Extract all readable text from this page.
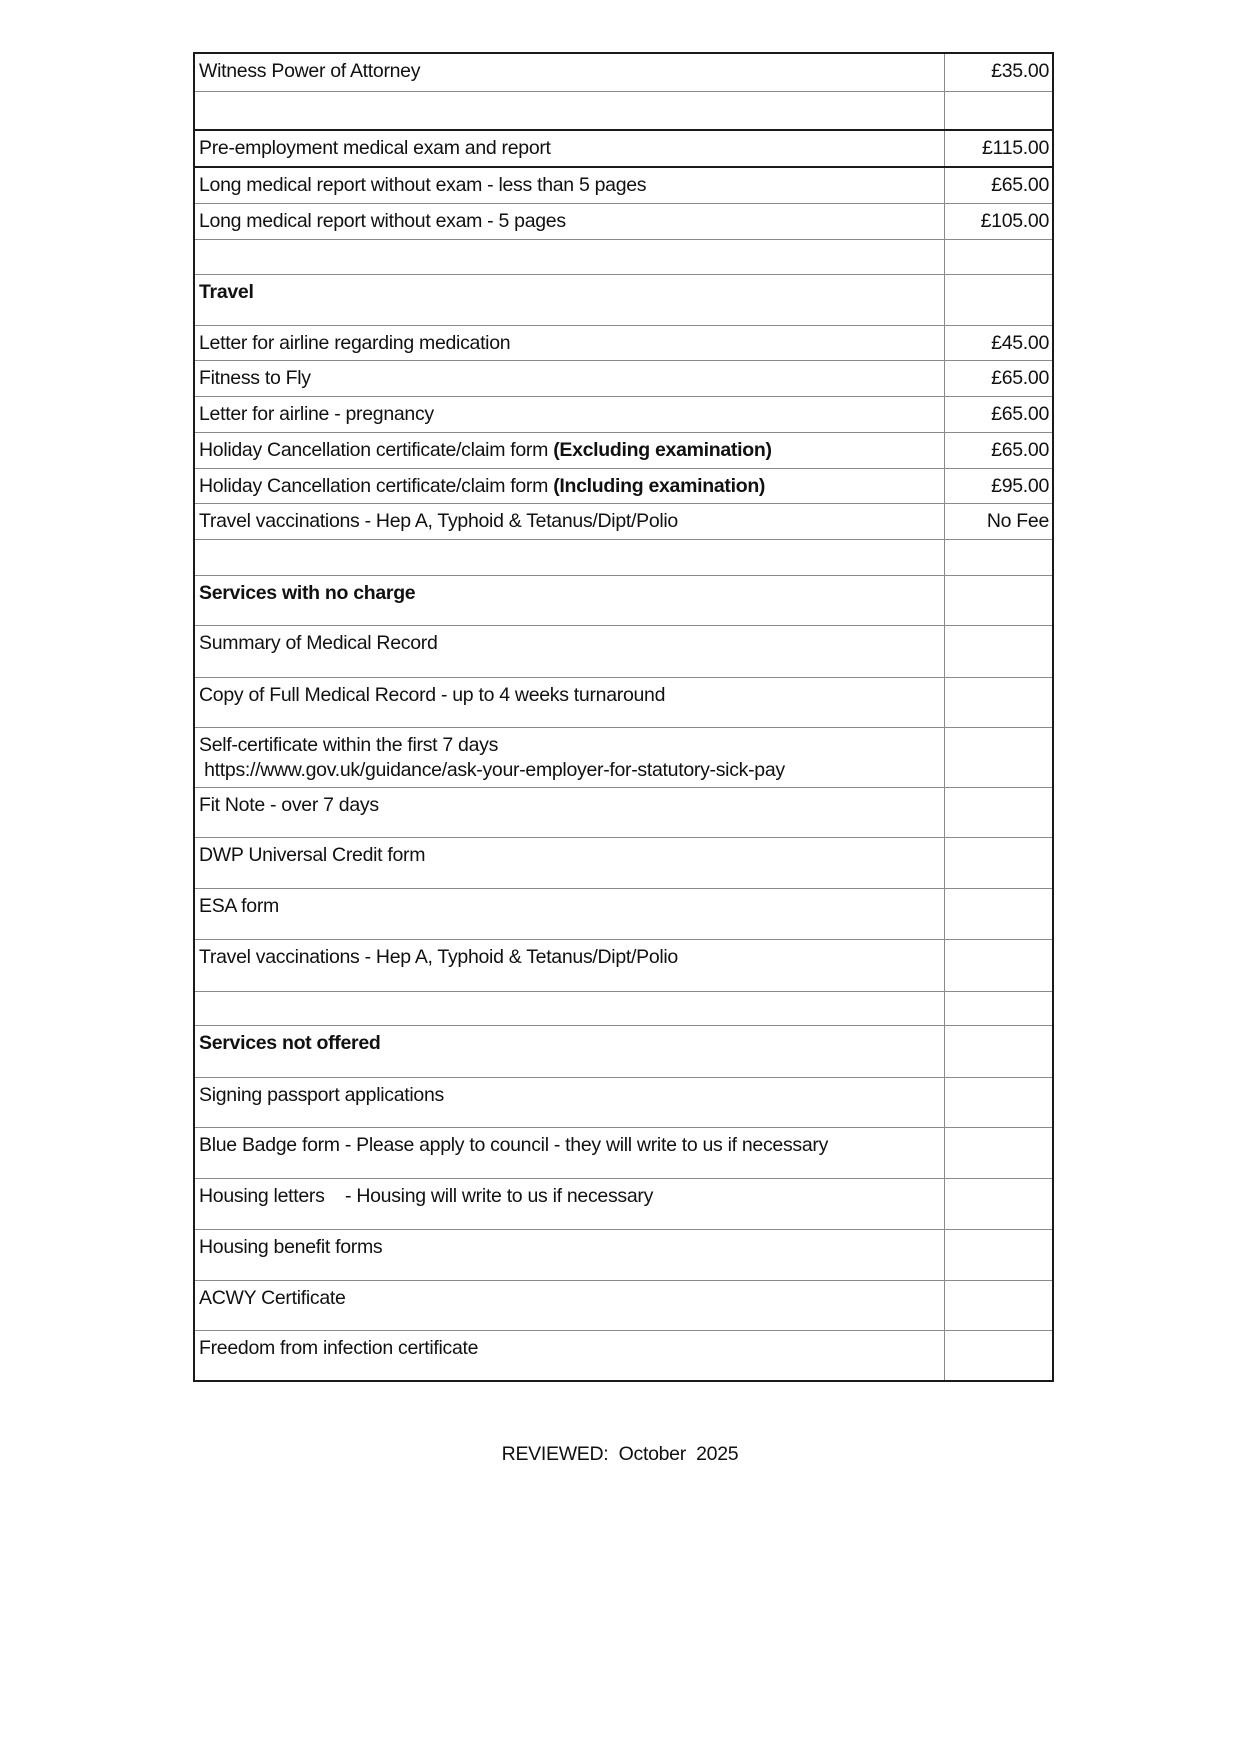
Witness Power of Attorney	£35.00
Pre-employment medical exam and report	£115.00
Long medical report without exam - less than 5 pages	£65.00
Long medical report without exam - 5 pages	£105.00
Travel
Letter for airline regarding medication	£45.00
Fitness to Fly	£65.00
Letter for airline - pregnancy	£65.00
Holiday Cancellation certificate/claim form (Excluding examination)	£65.00
Holiday Cancellation certificate/claim form (Including examination)	£95.00
Travel vaccinations - Hep A, Typhoid & Tetanus/Dipt/Polio	No Fee
Services with no charge
Summary of Medical Record
Copy of Full Medical Record - up to 4 weeks turnaround
Self-certificate within the first 7 days
https://www.gov.uk/guidance/ask-your-employer-for-statutory-sick-pay
Fit Note - over 7 days
DWP Universal Credit form
ESA form
Travel vaccinations - Hep A, Typhoid & Tetanus/Dipt/Polio
Services not offered
Signing passport applications
Blue Badge form - Please apply to council - they will write to us if necessary
Housing letters    - Housing will write to us if necessary
Housing benefit forms
ACWY Certificate
Freedom from infection certificate
REVIEWED:  October  2025
